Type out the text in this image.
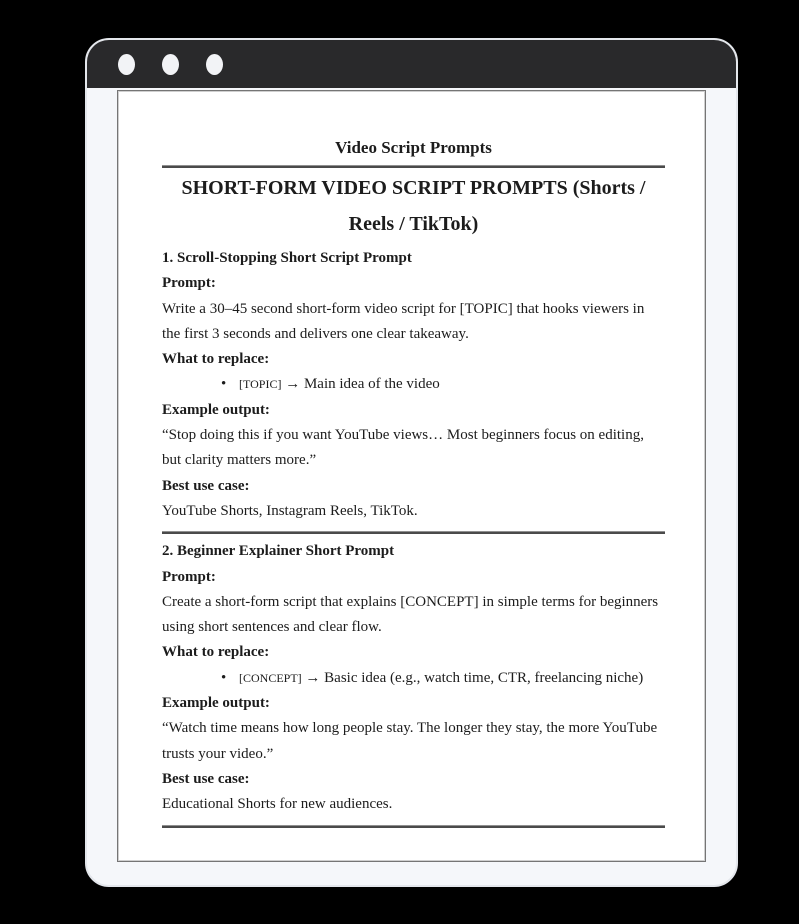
Video Script Prompts
SHORT-FORM VIDEO SCRIPT PROMPTS (Shorts / Reels / TikTok)

1. Scroll-Stopping Short Script Prompt

Prompt:

Write a 30–45 second short-form video script for [TOPIC] that hooks viewers in the first 3 seconds and delivers one clear takeaway.

What to replace:

• [TOPIC] → Main idea of the video

Example output:

“Stop doing this if you want YouTube views… Most beginners focus on editing, but clarity matters more.”

Best use case:

YouTube Shorts, Instagram Reels, TikTok.

2. Beginner Explainer Short Prompt

Prompt:

Create a short-form script that explains [CONCEPT] in simple terms for beginners using short sentences and clear flow.

What to replace:

• [CONCEPT] → Basic idea (e.g., watch time, CTR, freelancing niche)

Example output:

“Watch time means how long people stay. The longer they stay, the more YouTube trusts your video.”

Best use case:

Educational Shorts for new audiences.
